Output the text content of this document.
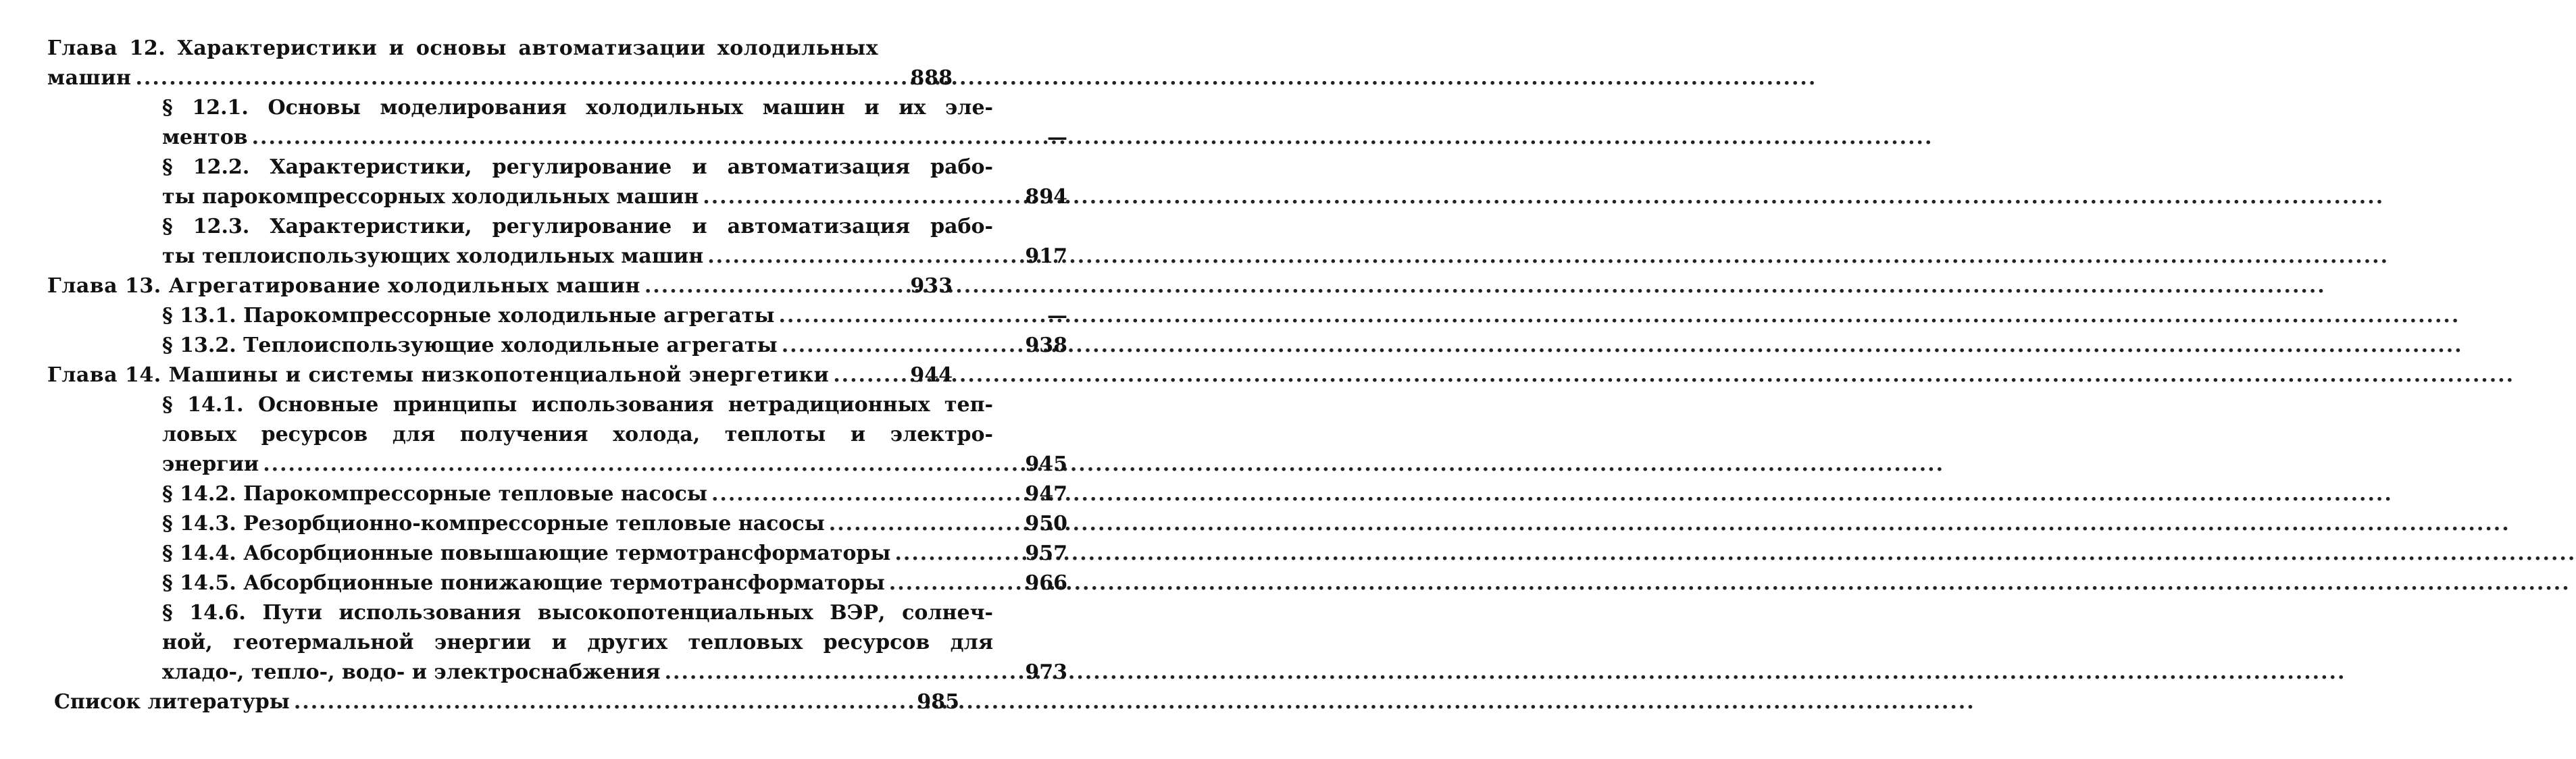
Глава 12. Характеристики и основы автоматизации холодильных
машин .....	888
§ 12.1. Основы моделирования холодильных машин и их эле-
ментов .....	—
§ 12.2. Характеристики, регулирование и автоматизация рабо-
ты парокомпрессорных холодильных машин .....	894
§ 12.3. Характеристики, регулирование и автоматизация рабо-
ты теплоиспользующих холодильных машин .....	917
Глава 13. Агрегатирование холодильных машин .....	933
§ 13.1. Парокомпрессорные холодильные агрегаты .....	—
§ 13.2. Теплоиспользующие холодильные агрегаты .....	938
Глава 14. Машины и системы низкопотенциальной энергетики .....	944
§ 14.1. Основные принципы использования нетрадиционных теп-
ловых ресурсов для получения холода, теплоты и электро-
энергии .....	945
§ 14.2. Парокомпрессорные тепловые насосы .....	947
§ 14.3. Резорбционно-компрессорные тепловые насосы .....	950
§ 14.4. Абсорбционные повышающие термотрансформаторы .....	957
§ 14.5. Абсорбционные понижающие термотрансформаторы .....	966
§ 14.6. Пути использования высокопотенциальных ВЭР, солнеч-
ной, геотермальной энергии и других тепловых ресурсов для
хладо-, тепло-, водо- и электроснабжения .....	973
Список литературы .....	985
